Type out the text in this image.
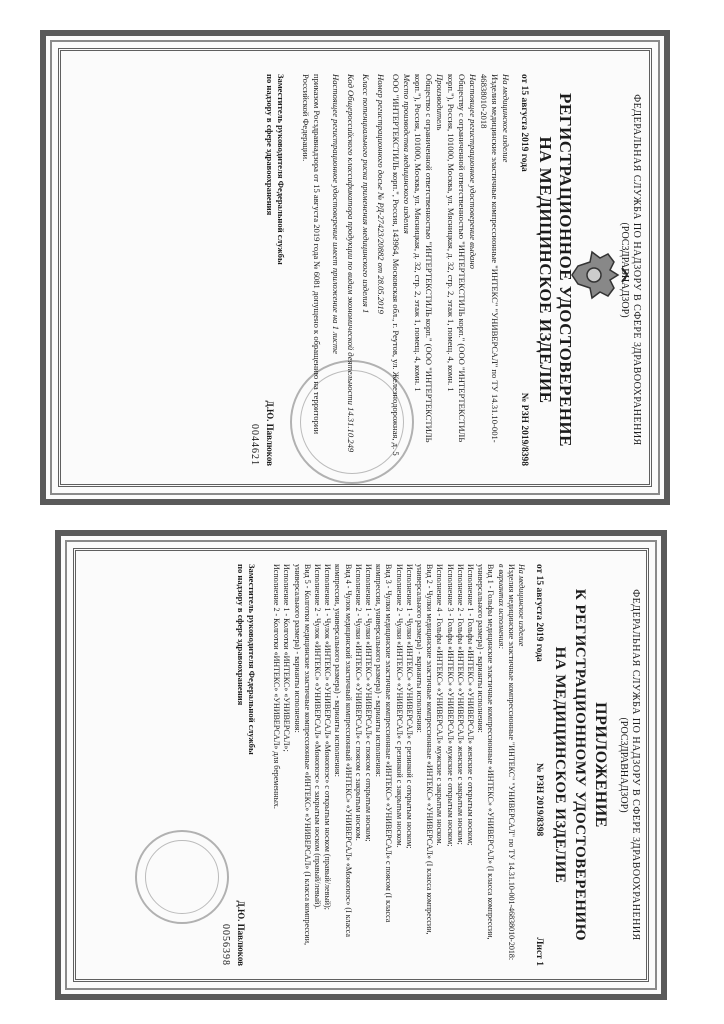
ФЕДЕРАЛЬНАЯ СЛУЖБА ПО НАДЗОРУ В СФЕРЕ ЗДРАВООХРАНЕНИЯ
(РОСЗДРАВНАДЗОР)
РЕГИСТРАЦИОННОЕ УДОСТОВЕРЕНИЕ
НА МЕДИЦИНСКОЕ ИЗДЕЛИЕ
от 15 августа 2019 года
№ РЗН 2019/8398

На медицинское изделие

Изделия медицинские эластичные компрессионные "ИНТЕКС" "УНИВЕРСАЛ" по ТУ 14.31.10-001-46838010-2018

Настоящее регистрационное удостоверение выдано

Обществу с ограниченной ответственностью "ИНТЕРТЕКСТИЛЬ корп." (ООО "ИНТЕРТЕКСТИЛЬ корп."), Россия, 101000, Москва, ул. Мясницкая, д. 32, стр. 2, этаж 1, помещ. 4, комн. 1

Производитель

Общество с ограниченной ответственностью "ИНТЕРТЕКСТИЛЬ корп." (ООО "ИНТЕРТЕКСТИЛЬ корп."), Россия, 101000, Москва, ул. Мясницкая, д. 32, стр. 2, этаж 1, помещ. 4, комн. 1

Место производства медицинского изделия

ООО "ИНТЕРТЕКСТИЛЬ корп.", Россия, 143964, Московская обл., г. Реутов, ул. Железнодорожная, д. 5

Номер регистрационного досье № РД-27423/20882 от 28.05.2019

Класс потенциального риска применения медицинского изделия 1

Код Общероссийского классификатора продукции по видам экономической деятельности 14.31.10.249

Настоящее регистрационное удостоверение имеет приложение на 1 листе

приказом Росздравнадзора от 15 августа 2019 года № 6081 допущено к обращению на территории Российской Федерации.

Заместитель руководителя Федеральной службы по надзору в сфере здравоохранения
Д.Ю. Павлюков
0044621
ФЕДЕРАЛЬНАЯ СЛУЖБА ПО НАДЗОРУ В СФЕРЕ ЗДРАВООХРАНЕНИЯ
(РОСЗДРАВНАДЗОР)
ПРИЛОЖЕНИЕ
К РЕГИСТРАЦИОННОМУ УДОСТОВЕРЕНИЮ
НА МЕДИЦИНСКОЕ ИЗДЕЛИЕ
от 15 августа 2019 года
№ РЗН 2019/8398
Лист 1

На медицинское изделие

Изделия медицинские эластичные компрессионные "ИНТЕКС" "УНИВЕРСАЛ" по ТУ 14.31.10-001-46838010-2018:

в вариантах исполнения:

Вид 1 - Гольфы медицинские эластичные компрессионные «ИНТЕКС» «УНИВЕРСАЛ» (I класса компрессии, универсального размера) - варианты исполнения:

Исполнение 1 - Гольфы «ИНТЕКС» «УНИВЕРСАЛ» женские с открытым носком;

Исполнение 2 - Гольфы «ИНТЕКС» «УНИВЕРСАЛ» женские с закрытым носком;

Исполнение 3 - Гольфы «ИНТЕКС» «УНИВЕРСАЛ» мужские с открытым носком;

Исполнение 4 - Гольфы «ИНТЕКС» «УНИВЕРСАЛ» мужские с закрытым носком.

Вид 2 - Чулки медицинские эластичные компрессионные «ИНТЕКС» «УНИВЕРСАЛ» (I класса компрессии, универсального размера) - варианты исполнения:

Исполнение 1 - Чулки «ИНТЕКС» «УНИВЕРСАЛ» с резинкой с открытым носком;

Исполнение 2 - Чулки «ИНТЕКС» «УНИВЕРСАЛ» с резинкой с закрытым носком.

Вид 3 - Чулки медицинские эластичные компрессионные «ИНТЕКС» «УНИВЕРСАЛ» с поясом (I класса компрессии, универсального размера) - варианты исполнения:

Исполнение 1 - Чулки «ИНТЕКС» «УНИВЕРСАЛ» с поясом с открытым носком;

Исполнение 2 - Чулки «ИНТЕКС» «УНИВЕРСАЛ» с поясом с закрытым носком.

Вид 4 - Чулок медицинский эластичный компрессионный «ИНТЕКС» «УНИВЕРСАЛ» «Монопоэс» (I класса компрессии, универсального размера) - варианты исполнения:

Исполнение 1 - Чулок «ИНТЕКС» «УНИВЕРСАЛ» «Монопоэс» с открытым носком (правый/левый);

Исполнение 2 - Чулок «ИНТЕКС» «УНИВЕРСАЛ» «Монопоэс» с закрытым носком (правый/левый).

Вид 5 - Колготки медицинские эластичные компрессионные «ИНТЕКС» «УНИВЕРСАЛ» (I класса компрессии, универсального размера) - варианты исполнения:

Исполнение 1 - Колготки «ИНТЕКС» «УНИВЕРСАЛ»;

Исполнение 2 - Колготки «ИНТЕКС» «УНИВЕРСАЛ» для беременных.

Заместитель руководителя Федеральной службы по надзору в сфере здравоохранения
Д.Ю. Павлюков
0056398
